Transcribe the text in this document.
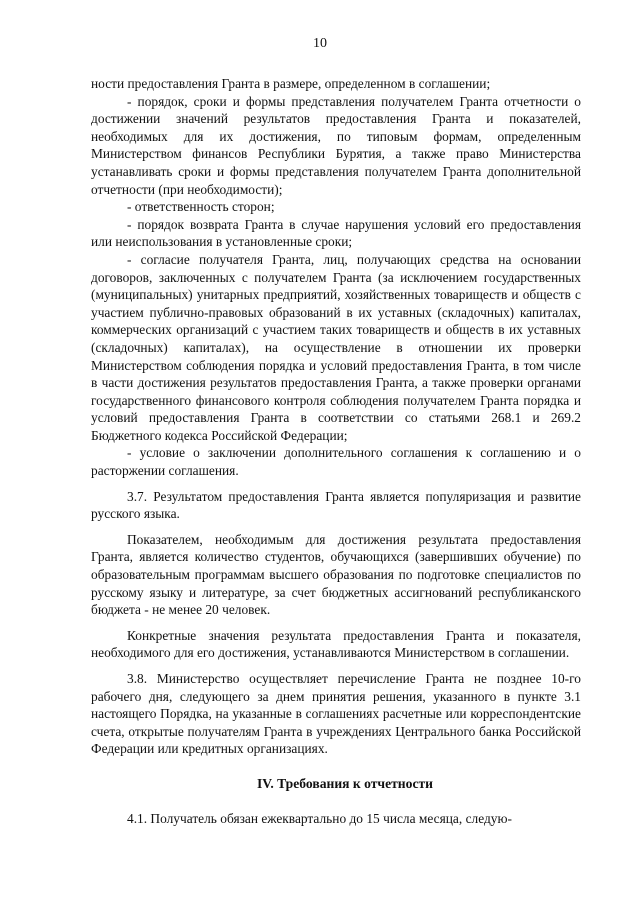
10

ности предоставления Гранта в размере, определенном в соглашении;

- порядок, сроки и формы представления получателем Гранта отчетности о достижении значений результатов предоставления Гранта и показателей, необходимых для их достижения, по типовым формам, определенным Министерством финансов Республики Бурятия, а также право Министерства устанавливать сроки и формы представления получателем Гранта дополнительной отчетности (при необходимости);

- ответственность сторон;

- порядок возврата Гранта в случае нарушения условий его предоставления или неиспользования в установленные сроки;

- согласие получателя Гранта, лиц, получающих средства на основании договоров, заключенных с получателем Гранта (за исключением государственных (муниципальных) унитарных предприятий, хозяйственных товариществ и обществ с участием публично-правовых образований в их уставных (складочных) капиталах, коммерческих организаций с участием таких товариществ и обществ в их уставных (складочных) капиталах), на осуществление в отношении их проверки Министерством соблюдения порядка и условий предоставления Гранта, в том числе в части достижения результатов предоставления Гранта, а также проверки органами государственного финансового контроля соблюдения получателем Гранта порядка и условий предоставления Гранта в соответствии со статьями 268.1 и 269.2 Бюджетного кодекса Российской Федерации;

- условие о заключении дополнительного соглашения к соглашению и о расторжении соглашения.

3.7. Результатом предоставления Гранта является популяризация и развитие русского языка.

Показателем, необходимым для достижения результата предоставления Гранта, является количество студентов, обучающихся (завершивших обучение) по образовательным программам высшего образования по подготовке специалистов по русскому языку и литературе, за счет бюджетных ассигнований республиканского бюджета - не менее 20 человек.

Конкретные значения результата предоставления Гранта и показателя, необходимого для его достижения, устанавливаются Министерством в соглашении.

3.8. Министерство осуществляет перечисление Гранта не позднее 10-го рабочего дня, следующего за днем принятия решения, указанного в пункте 3.1 настоящего Порядка, на указанные в соглашениях расчетные или корреспондентские счета, открытые получателям Гранта в учреждениях Центрального банка Российской Федерации или кредитных организациях.

IV. Требования к отчетности

4.1. Получатель обязан ежеквартально до 15 числа месяца, следую-
